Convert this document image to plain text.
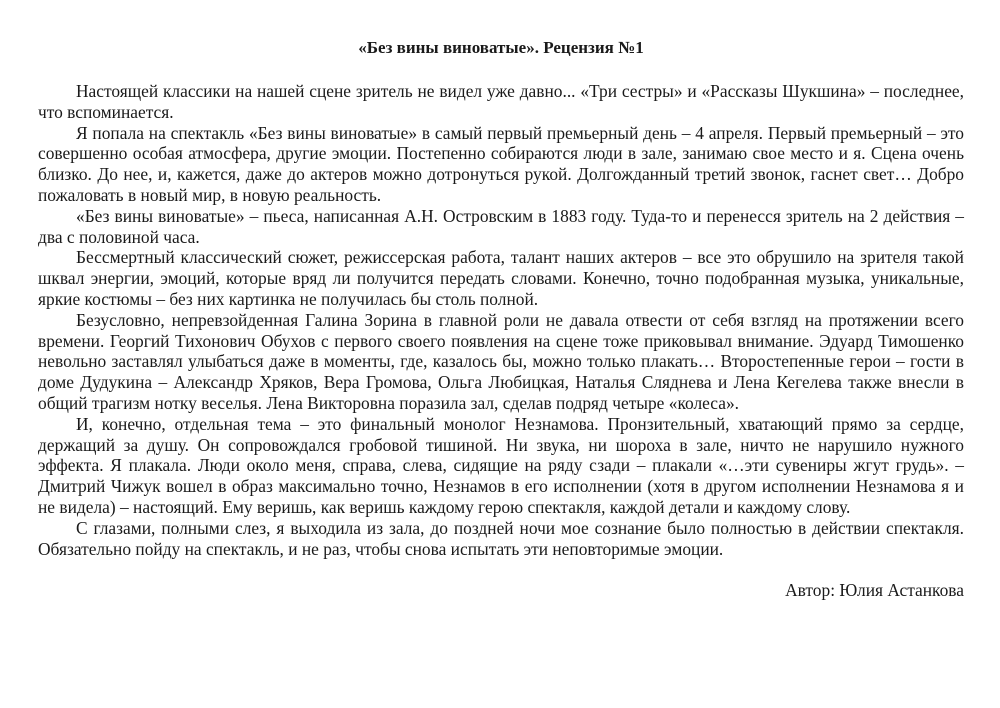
«Без вины виноватые». Рецензия №1

Настоящей классики на нашей сцене зритель не видел уже давно... «Три сестры» и «Рассказы Шукшина» – последнее, что вспоминается.

Я попала на спектакль «Без вины виноватые» в самый первый премьерный день – 4 апреля. Первый премьерный – это совершенно особая атмосфера, другие эмоции. Постепенно собираются люди в зале, занимаю свое место и я. Сцена очень близко. До нее, и, кажется, даже до актеров можно дотронуться рукой. Долгожданный третий звонок, гаснет свет… Добро пожаловать в новый мир, в новую реальность.

«Без вины виноватые» – пьеса, написанная А.Н. Островским в 1883 году. Туда-то и перенесся зритель на 2 действия – два с половиной часа.

Бессмертный классический сюжет, режиссерская работа, талант наших актеров – все это обрушило на зрителя такой шквал энергии, эмоций, которые вряд ли получится передать словами. Конечно, точно подобранная музыка, уникальные, яркие костюмы – без них картинка не получилась бы столь полной.

Безусловно, непревзойденная Галина Зорина в главной роли не давала отвести от себя взгляд на протяжении всего времени. Георгий Тихонович Обухов с первого своего появления на сцене тоже приковывал внимание. Эдуард Тимошенко невольно заставлял улыбаться даже в моменты, где, казалось бы, можно только плакать… Второстепенные герои – гости в доме Дудукина – Александр Хряков, Вера Громова, Ольга Любицкая, Наталья Сляднева и Лена Кегелева также внесли в общий трагизм нотку веселья. Лена Викторовна поразила зал, сделав подряд четыре «колеса».

И, конечно, отдельная тема – это финальный монолог Незнамова. Пронзительный, хватающий прямо за сердце, держащий за душу. Он сопровождался гробовой тишиной. Ни звука, ни шороха в зале, ничто не нарушило нужного эффекта. Я плакала. Люди около меня, справа, слева, сидящие на ряду сзади – плакали «…эти сувениры жгут грудь». – Дмитрий Чижук вошел в образ максимально точно, Незнамов в его исполнении (хотя в другом исполнении Незнамова я и не видела) – настоящий. Ему веришь, как веришь каждому герою спектакля, каждой детали и каждому слову.

С глазами, полными слез, я выходила из зала, до поздней ночи мое сознание было полностью в действии спектакля. Обязательно пойду на спектакль, и не раз, чтобы снова испытать эти неповторимые эмоции.

Автор: Юлия Астанкова
